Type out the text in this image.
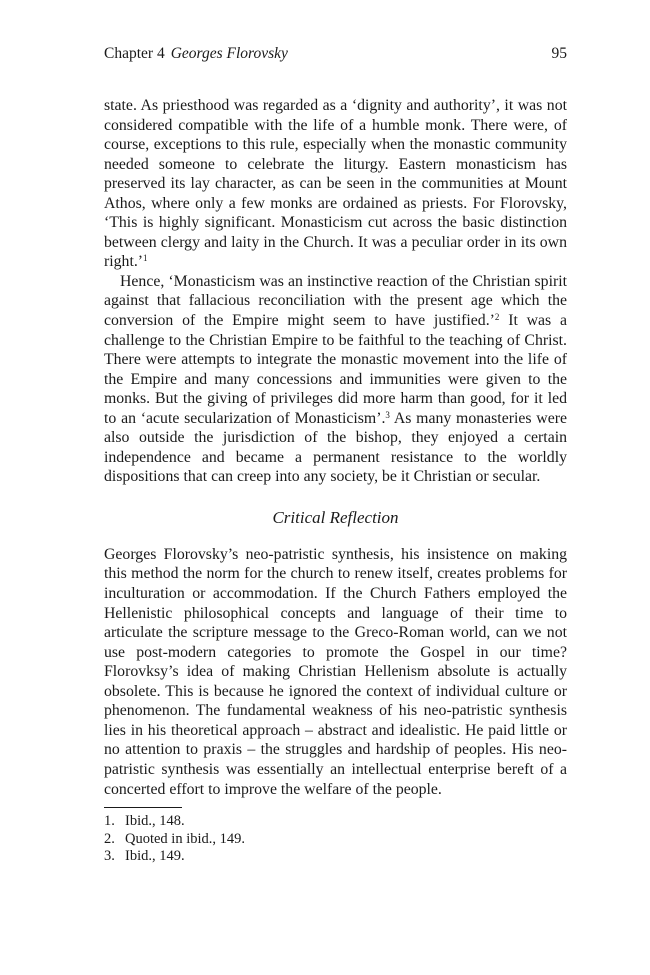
Chapter 4 Georges Florovsky	95

state. As priesthood was regarded as a ‘dignity and authority’, it was not considered compatible with the life of a humble monk. There were, of course, exceptions to this rule, especially when the monastic community needed someone to celebrate the liturgy. Eastern monasticism has preserved its lay character, as can be seen in the communities at Mount Athos, where only a few monks are ordained as priests. For Florovsky, ‘This is highly significant. Monasticism cut across the basic distinction between clergy and laity in the Church. It was a peculiar order in its own right.’$^1$

Hence, ‘Monasticism was an instinctive reaction of the Christian spirit against that fallacious reconciliation with the present age which the conversion of the Empire might seem to have justified.’$^2$ It was a challenge to the Christian Empire to be faithful to the teaching of Christ. There were attempts to integrate the monastic movement into the life of the Empire and many concessions and immunities were given to the monks. But the giving of privileges did more harm than good, for it led to an ‘acute secularization of Monasticism’.$^3$ As many monasteries were also outside the jurisdiction of the bishop, they enjoyed a certain independence and became a permanent resistance to the worldly dispositions that can creep into any society, be it Christian or secular.

Critical Reflection

Georges Florovsky’s neo-patristic synthesis, his insistence on making this method the norm for the church to renew itself, creates problems for inculturation or accommodation. If the Church Fathers employed the Hellenistic philosophical concepts and language of their time to articulate the scripture message to the Greco-Roman world, can we not use post-modern categories to promote the Gospel in our time? Florovksy’s idea of making Christian Hellenism absolute is actually obsolete. This is because he ignored the context of individual culture or phenomenon. The fundamental weakness of his neo-patristic synthesis lies in his theoretical approach – abstract and idealistic. He paid little or no attention to praxis – the struggles and hardship of peoples. His neo-patristic synthesis was essentially an intellectual enterprise bereft of a concerted effort to improve the welfare of the people.

1. Ibid., 148.
2. Quoted in ibid., 149.
3. Ibid., 149.
